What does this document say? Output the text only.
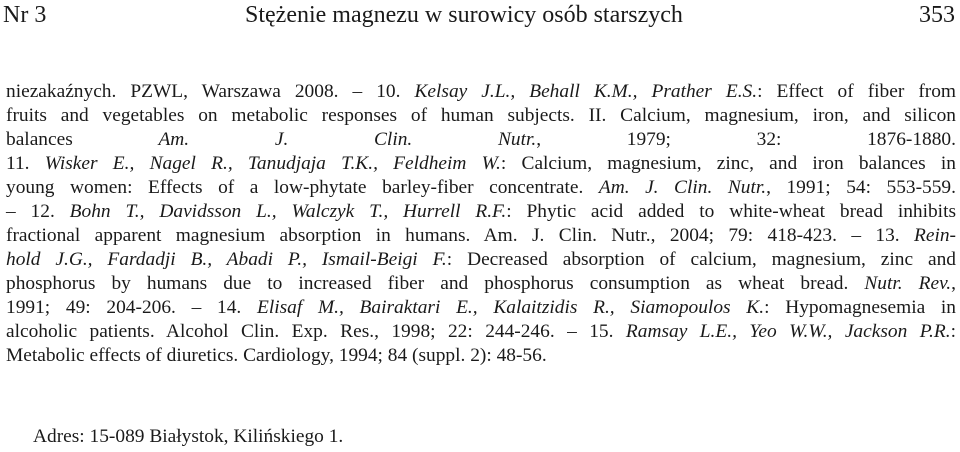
Nr 3	Stężenie magnezu w surowicy osób starszych	353
niezakaźnych. PZWL, Warszawa 2008. – 10. Kelsay J.L., Behall K.M., Prather E.S.: Effect of fiber from
fruits and vegetables on metabolic responses of human subjects. II. Calcium, magnesium, iron, and silicon
balances Am. J. Clin. Nutr., 1979; 32: 1876-1880.
11. Wisker E., Nagel R., Tanudjaja T.K., Feldheim W.: Calcium, magnesium, zinc, and iron balances in
young women: Effects of a low-phytate barley-fiber concentrate. Am. J. Clin. Nutr., 1991; 54: 553-559.
– 12. Bohn T., Davidsson L., Walczyk T., Hurrell R.F.: Phytic acid added to white-wheat bread inhibits
fractional apparent magnesium absorption in humans. Am. J. Clin. Nutr., 2004; 79: 418-423. – 13. Rein-
hold J.G., Fardadji B., Abadi P., Ismail-Beigi F.: Decreased absorption of calcium, magnesium, zinc and
phosphorus by humans due to increased fiber and phosphorus consumption as wheat bread. Nutr. Rev.,
1991; 49: 204-206. – 14. Elisaf M., Bairaktari E., Kalaitzidis R., Siamopoulos K.: Hypomagnesemia in
alcoholic patients. Alcohol Clin. Exp. Res., 1998; 22: 244-246. – 15. Ramsay L.E., Yeo W.W., Jackson P.R.:
Metabolic effects of diuretics. Cardiology, 1994; 84 (suppl. 2): 48-56.
Adres: 15-089 Białystok, Kilińskiego 1.
